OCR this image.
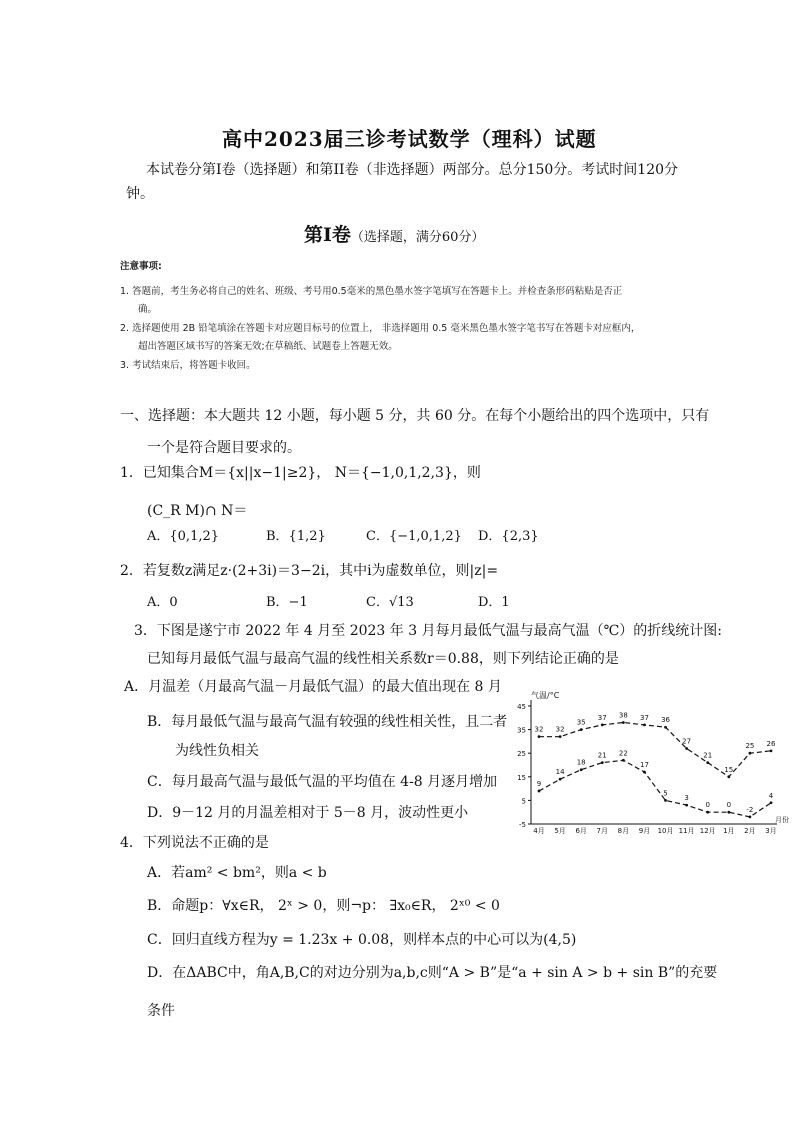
高中2023届三诊考试数学（理科）试题
本试卷分第I卷（选择题）和第II卷（非选择题）两部分。总分150分。考试时间120分钟。
第Ⅰ卷（选择题，满分60分）
注意事项:
1. 答题前，考生务必将自己的姓名、班级、考号用0.5毫米的黑色墨水签字笔填写在答题卡上。并检查条形码粘贴是否正
确。
2. 选择题使用 2B 铅笔填涂在答题卡对应题目标号的位置上， 非选择题用 0.5 毫米黑色墨水签字笔书写在答题卡对应框内，
超出答题区域书写的答案无效;在草稿纸、试题卷上答题无效。
3. 考试结束后，将答题卡收回。
一、选择题：本大题共 12 小题，每小题 5 分，共 60 分。在每个小题给出的四个选项中，只有
一个是符合题目要求的。
1．已知集合M＝{x||x−1|≥2}， N＝{−1,0,1,2,3}，则
(C_R M)∩ N＝
A．{0,1,2}	B．{1,2}	C．{−1,0,1,2} D．{2,3}
2．若复数z满足z·(2+3i)＝3−2i，其中i为虚数单位，则|z|=
A．0	B．−1	C．√13	D．1
3．下图是遂宁市 2022 年 4 月至 2023 年 3 月每月最低气温与最高气温（℃）的折线统计图:
已知每月最低气温与最高气温的线性相关系数r＝0.88，则下列结论正确的是
A．月温差（月最高气温－月最低气温）的最大值出现在 8 月
B．每月最低气温与最高气温有较强的线性相关性，且二者
为线性负相关
C．每月最高气温与最低气温的平均值在 4-8 月逐月增加
D．9－12 月的月温差相对于 5－8 月，波动性更小
气温/°C
月份
-5
5
15
25
35
45
4月 5月 6月 7月 8月 9月 10月 11月 12月 1月 2月 3月
32 32
35
37 38 37 36
27
21
15
25 26
9
14
18
21 22
17
5
3
0 0
-2
4
4．下列说法不正确的是
A．若am² < bm²，则a < b
B．命题p：∀x∈R， 2ˣ > 0，则¬p： ∃x₀∈R， 2ˣ⁰ < 0
C．回归直线方程为y = 1.23x + 0.08，则样本点的中心可以为(4,5)
D．在ΔABC中，角A,B,C的对边分别为a,b,c则“A > B”是“a + sin A > b + sin B”的充要
条件
